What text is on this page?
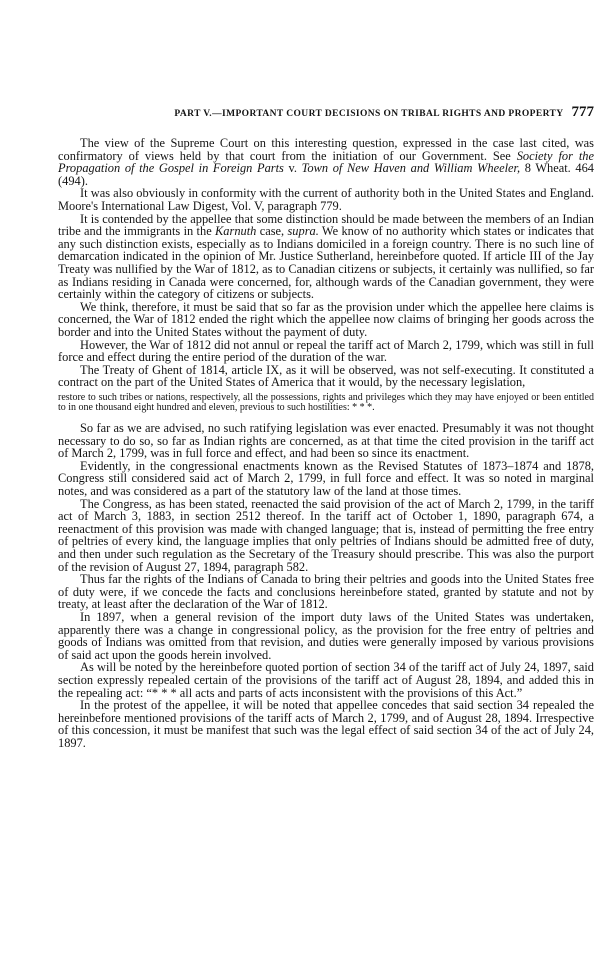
PART V.—IMPORTANT COURT DECISIONS ON TRIBAL RIGHTS AND PROPERTY 777

The view of the Supreme Court on this interesting question, expressed in the case last cited, was confirmatory of views held by that court from the initiation of our Government. See Society for the Propagation of the Gospel in Foreign Parts v. Town of New Haven and William Wheeler, 8 Wheat. 464 (494).

It was also obviously in conformity with the current of authority both in the United States and England. Moore's International Law Digest, Vol. V, paragraph 779.

It is contended by the appellee that some distinction should be made between the members of an Indian tribe and the immigrants in the Karnuth case, supra. We know of no authority which states or indicates that any such distinction exists, especially as to Indians domiciled in a foreign country. There is no such line of demarcation indicated in the opinion of Mr. Justice Sutherland, hereinbefore quoted. If article III of the Jay Treaty was nullified by the War of 1812, as to Canadian citizens or subjects, it certainly was nullified, so far as Indians residing in Canada were concerned, for, although wards of the Canadian government, they were certainly within the category of citizens or subjects.

We think, therefore, it must be said that so far as the provision under which the appellee here claims is concerned, the War of 1812 ended the right which the appellee now claims of bringing her goods across the border and into the United States without the payment of duty.

However, the War of 1812 did not annul or repeal the tariff act of March 2, 1799, which was still in full force and effect during the entire period of the duration of the war.

The Treaty of Ghent of 1814, article IX, as it will be observed, was not self-executing. It constituted a contract on the part of the United States of America that it would, by the necessary legislation,

restore to such tribes or nations, respectively, all the possessions, rights and privileges which they may have enjoyed or been entitled to in one thousand eight hundred and eleven, previous to such hostilities: * * *.

So far as we are advised, no such ratifying legislation was ever enacted. Presumably it was not thought necessary to do so, so far as Indian rights are concerned, as at that time the cited provision in the tariff act of March 2, 1799, was in full force and effect, and had been so since its enactment.

Evidently, in the congressional enactments known as the Revised Statutes of 1873–1874 and 1878, Congress still considered said act of March 2, 1799, in full force and effect. It was so noted in marginal notes, and was considered as a part of the statutory law of the land at those times.

The Congress, as has been stated, reenacted the said provision of the act of March 2, 1799, in the tariff act of March 3, 1883, in section 2512 thereof. In the tariff act of October 1, 1890, paragraph 674, a reenactment of this provision was made with changed language; that is, instead of permitting the free entry of peltries of every kind, the language implies that only peltries of Indians should be admitted free of duty, and then under such regulation as the Secretary of the Treasury should prescribe. This was also the purport of the revision of August 27, 1894, paragraph 582.

Thus far the rights of the Indians of Canada to bring their peltries and goods into the United States free of duty were, if we concede the facts and conclusions hereinbefore stated, granted by statute and not by treaty, at least after the declaration of the War of 1812.

In 1897, when a general revision of the import duty laws of the United States was undertaken, apparently there was a change in congressional policy, as the provision for the free entry of peltries and goods of Indians was omitted from that revision, and duties were generally imposed by various provisions of said act upon the goods herein involved.

As will be noted by the hereinbefore quoted portion of section 34 of the tariff act of July 24, 1897, said section expressly repealed certain of the provisions of the tariff act of August 28, 1894, and added this in the repealing act: “* * * all acts and parts of acts inconsistent with the provisions of this Act.”

In the protest of the appellee, it will be noted that appellee concedes that said section 34 repealed the hereinbefore mentioned provisions of the tariff acts of March 2, 1799, and of August 28, 1894. Irrespective of this concession, it must be manifest that such was the legal effect of said section 34 of the act of July 24, 1897.
